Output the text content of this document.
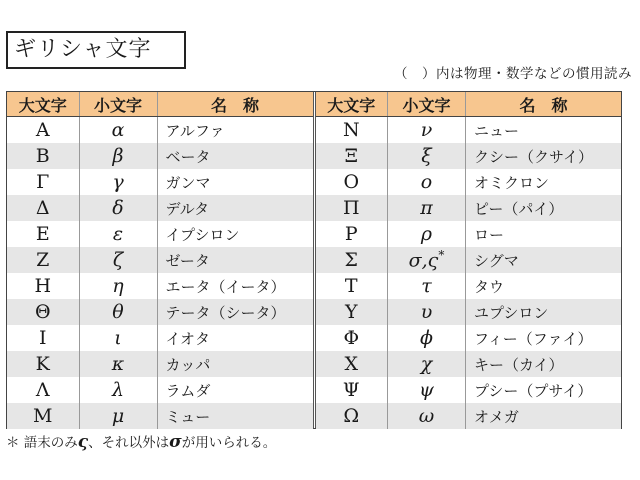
ギリシャ文字
（　）内は物理・数学などの慣用読み
大文字	小文字	名　称
Α	α	アルファ
Β	β	ベータ
Γ	γ	ガンマ
Δ	δ	デルタ
Ε	ε	イプシロン
Ζ	ζ	ゼータ
Η	η	エータ（イータ）
Θ	θ	テータ（シータ）
Ι	ι	イオタ
Κ	κ	カッパ
Λ	λ	ラムダ
Μ	μ	ミュー
大文字	小文字	名　称
Ν	ν	ニュー
Ξ	ξ	クシー（クサイ）
Ο	ο	オミクロン
Π	π	ピー（パイ）
Ρ	ρ	ロー
Σ	σ,ς*	シグマ
Τ	τ	タウ
Υ	υ	ユプシロン
Φ	ϕ	フィー（ファイ）
Χ	χ	キー（カイ）
Ψ	ψ	プシー（プサイ）
Ω	ω	オメガ
＊ 語末のみς、それ以外はσが用いられる。
